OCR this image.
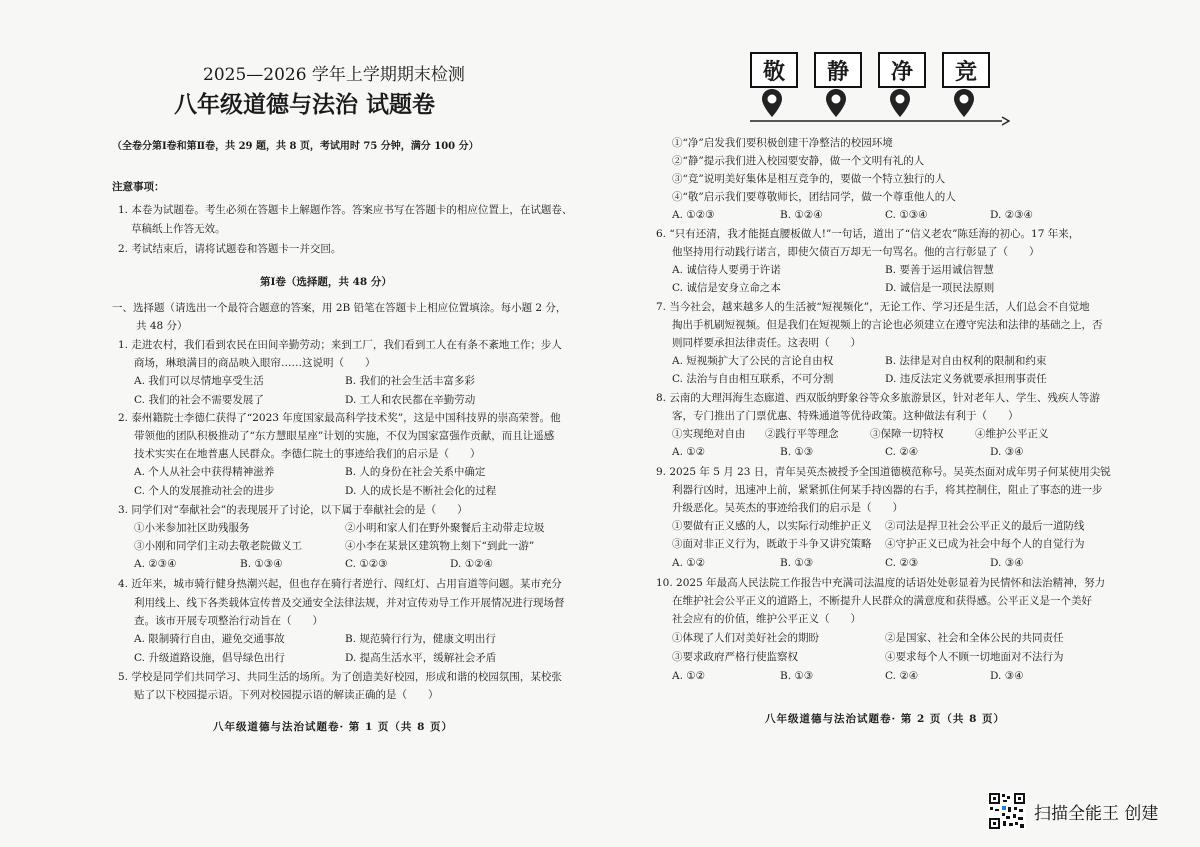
2025—2026 学年上学期期末检测
八年级道德与法治 试题卷
（全卷分第Ⅰ卷和第Ⅱ卷，共 29 题，共 8 页，考试用时 75 分钟，满分 100 分）
注意事项：
1. 本卷为试题卷。考生必须在答题卡上解题作答。答案应书写在答题卡的相应位置上，在试题卷、
草稿纸上作答无效。
2. 考试结束后，请将试题卷和答题卡一并交回。
第Ⅰ卷（选择题，共 48 分）
一、选择题（请选出一个最符合题意的答案，用 2B 铅笔在答题卡上相应位置填涂。每小题 2 分，
共 48 分）
1. 走进农村，我们看到农民在田间辛勤劳动；来到工厂，我们看到工人在有条不紊地工作；步人
商场，琳琅满目的商品映入眼帘……这说明（　　）
A. 我们可以尽情地享受生活	B. 我们的社会生活丰富多彩
C. 我们的社会不需要发展了	D. 工人和农民都在辛勤劳动
2. 泰州籍院士李德仁获得了“2023 年度国家最高科学技术奖”，这是中国科技界的崇高荣誉。他
带领他的团队积极推动了“东方慧眼星座”计划的实施，不仅为国家富强作贡献，而且让遥感
技术实实在在地普惠人民群众。李德仁院士的事迹给我们的启示是（　　）
A. 个人从社会中获得精神滋养	B. 人的身份在社会关系中确定
C. 个人的发展推动社会的进步	D. 人的成长是不断社会化的过程
3. 同学们对“奉献社会”的表现展开了讨论，以下属于奉献社会的是（　　）
①小米参加社区助残服务	②小明和家人们在野外聚餐后主动带走垃圾
③小刚和同学们主动去敬老院做义工	④小李在某景区建筑物上刻下“到此一游”
A. ②③④	B. ①③④	C. ①②③	D. ①②④
4. 近年来，城市骑行健身热潮兴起，但也存在骑行者逆行、闯红灯、占用盲道等问题。某市充分
利用线上、线下各类载体宣传普及交通安全法律法规，并对宣传劝导工作开展情况进行现场督
查。该市开展专项整治行动旨在（　　）
A. 限制骑行自由，避免交通事故	B. 规范骑行行为，健康文明出行
C. 升级道路设施，倡导绿色出行	D. 提高生活水平，缓解社会矛盾
5. 学校是同学们共同学习、共同生活的场所。为了创造美好校园，形成和谐的校园氛围，某校张
贴了以下校园提示语。下列对校园提示语的解读正确的是（　　）
八年级道德与法治试题卷· 第 1 页（共 8 页）
敬	静	净	竞
①“净”启发我们要积极创建干净整洁的校园环境
②“静”提示我们进入校园要安静，做一个文明有礼的人
③“竞”说明美好集体是相互竞争的，要做一个特立独行的人
④“敬”启示我们要尊敬师长，团结同学，做一个尊重他人的人
A. ①②③	B. ①②④	C. ①③④	D. ②③④
6. “只有还清，我才能挺直腰板做人!”一句话，道出了“信义老农”陈廷海的初心。17 年来，
他坚持用行动践行诺言，即使欠债百万却无一句骂名。他的言行彰显了（　　）
A. 诚信待人要勇于许诺	B. 要善于运用诚信智慧
C. 诚信是安身立命之本	D. 诚信是一项民法原则
7. 当今社会，越来越多人的生活被“短视频化”，无论工作、学习还是生活，人们总会不自觉地
掏出手机刷短视频。但是我们在短视频上的言论也必须建立在遵守宪法和法律的基础之上，否
则同样要承担法律责任。这表明（　　）
A. 短视频扩大了公民的言论自由权	B. 法律是对自由权利的限制和约束
C. 法治与自由相互联系，不可分割	D. 违反法定义务就要承担刑事责任
8. 云南的大理洱海生态廊道、西双版纳野象谷等众多旅游景区，针对老年人、学生、残疾人等游
客，专门推出了门票优惠、特殊通道等优待政策。这种做法有利于（　　）
①实现绝对自由 ②践行平等理念	③保障一切特权	④维护公平正义
A. ①②	B. ①③	C. ②④	D. ③④
9. 2025 年 5 月 23 日，青年吴英杰被授予全国道德模范称号。吴英杰面对成年男子何某使用尖锐
利器行凶时，迅速冲上前，紧紧抓住何某手持凶器的右手，将其控制住，阻止了事态的进一步
升级恶化。吴英杰的事迹给我们的启示是（　　）
①要做有正义感的人，以实际行动维护正义 ②司法是捍卫社会公平正义的最后一道防线
③面对非正义行为，既敢于斗争又讲究策略 ④守护正义已成为社会中每个人的自觉行为
A. ①②	B. ①③	C. ②③	D. ③④
10. 2025 年最高人民法院工作报告中充满司法温度的话语处处彰显着为民情怀和法治精神，努力
在维护社会公平正义的道路上，不断提升人民群众的满意度和获得感。公平正义是一个美好
社会应有的价值，维护公平正义（　　）
①体现了人们对美好社会的期盼	②是国家、社会和全体公民的共同责任
③要求政府严格行使监察权	④要求每个人不顾一切地面对不法行为
A. ①②	B. ①③	C. ②④	D. ③④
八年级道德与法治试题卷· 第 2 页（共 8 页）
扫描全能王 创建
